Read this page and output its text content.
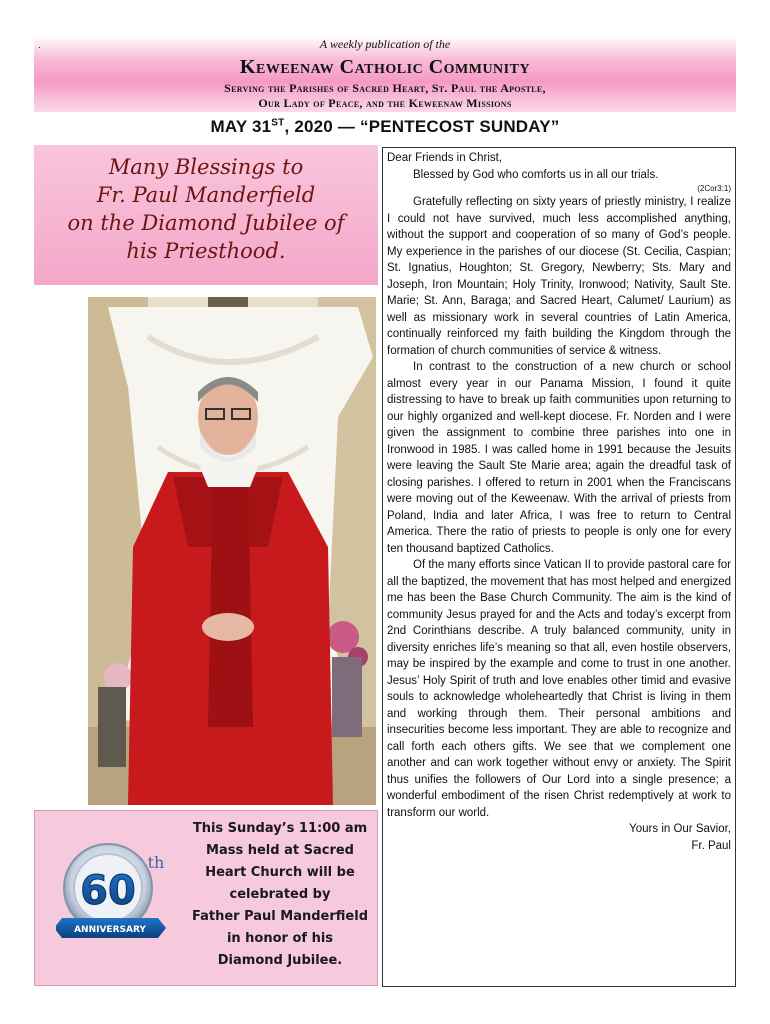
.	A weekly publication of the
Keweenaw Catholic Community
Serving the Parishes of Sacred Heart, St. Paul the Apostle,
Our Lady of Peace, and the Keweenaw Missions
MAY 31ST, 2020 — “PENTECOST SUNDAY”
Many Blessings to
Fr. Paul Manderfield
on the Diamond Jubilee of
his Priesthood.
This Sunday’s 11:00 am
Mass held at Sacred
Heart Church will be
celebrated by
Father Paul Manderfield
in honor of his
Diamond Jubilee.
60
th
ANNIVERSARY

Dear Friends in Christ,

Blessed by God who comforts us in all our trials.

(2Cor3:1)

Gratefully reflecting on sixty years of priestly ministry, I realize I could not have survived, much less accomplished anything, without the support and cooperation of so many of God’s people. My experience in the parishes of our diocese (St. Cecilia, Caspian; St. Ignatius, Houghton; St. Gregory, Newberry; Sts. Mary and Joseph, Iron Mountain; Holy Trinity, Ironwood; Nativity, Sault Ste. Marie; St. Ann, Baraga; and Sacred Heart, Calumet/ Laurium) as well as missionary work in several countries of Latin America, continually reinforced my faith building the Kingdom through the formation of church communities of service & witness.

In contrast to the construction of a new church or school almost every year in our Panama Mission, I found it quite distressing to have to break up faith communities upon returning to our highly organized and well-kept diocese. Fr. Norden and I were given the assignment to combine three parishes into one in Ironwood in 1985. I was called home in 1991 because the Jesuits were leaving the Sault Ste Marie area; again the dreadful task of closing parishes. I offered to return in 2001 when the Franciscans were moving out of the Keweenaw. With the arrival of priests from Poland, India and later Africa, I was free to return to Central America. There the ratio of priests to people is only one for every ten thousand baptized Catholics.

Of the many efforts since Vatican II to provide pastoral care for all the baptized, the movement that has most helped and energized me has been the Base Church Community. The aim is the kind of community Jesus prayed for and the Acts and today’s excerpt from 2nd Corinthians describe. A truly balanced community, unity in diversity enriches life’s meaning so that all, even hostile observers, may be inspired by the example and come to trust in one another. Jesus’ Holy Spirit of truth and love enables other timid and evasive souls to acknowledge wholeheartedly that Christ is living in them and working through them. Their personal ambitions and insecurities become less important. They are able to recognize and call forth each others gifts. We see that we complement one another and can work together without envy or anxiety. The Spirit thus unifies the followers of Our Lord into a single presence; a wonderful embodiment of the risen Christ redemptively at work to transform our world.

Yours in Our Savior,

Fr. Paul
